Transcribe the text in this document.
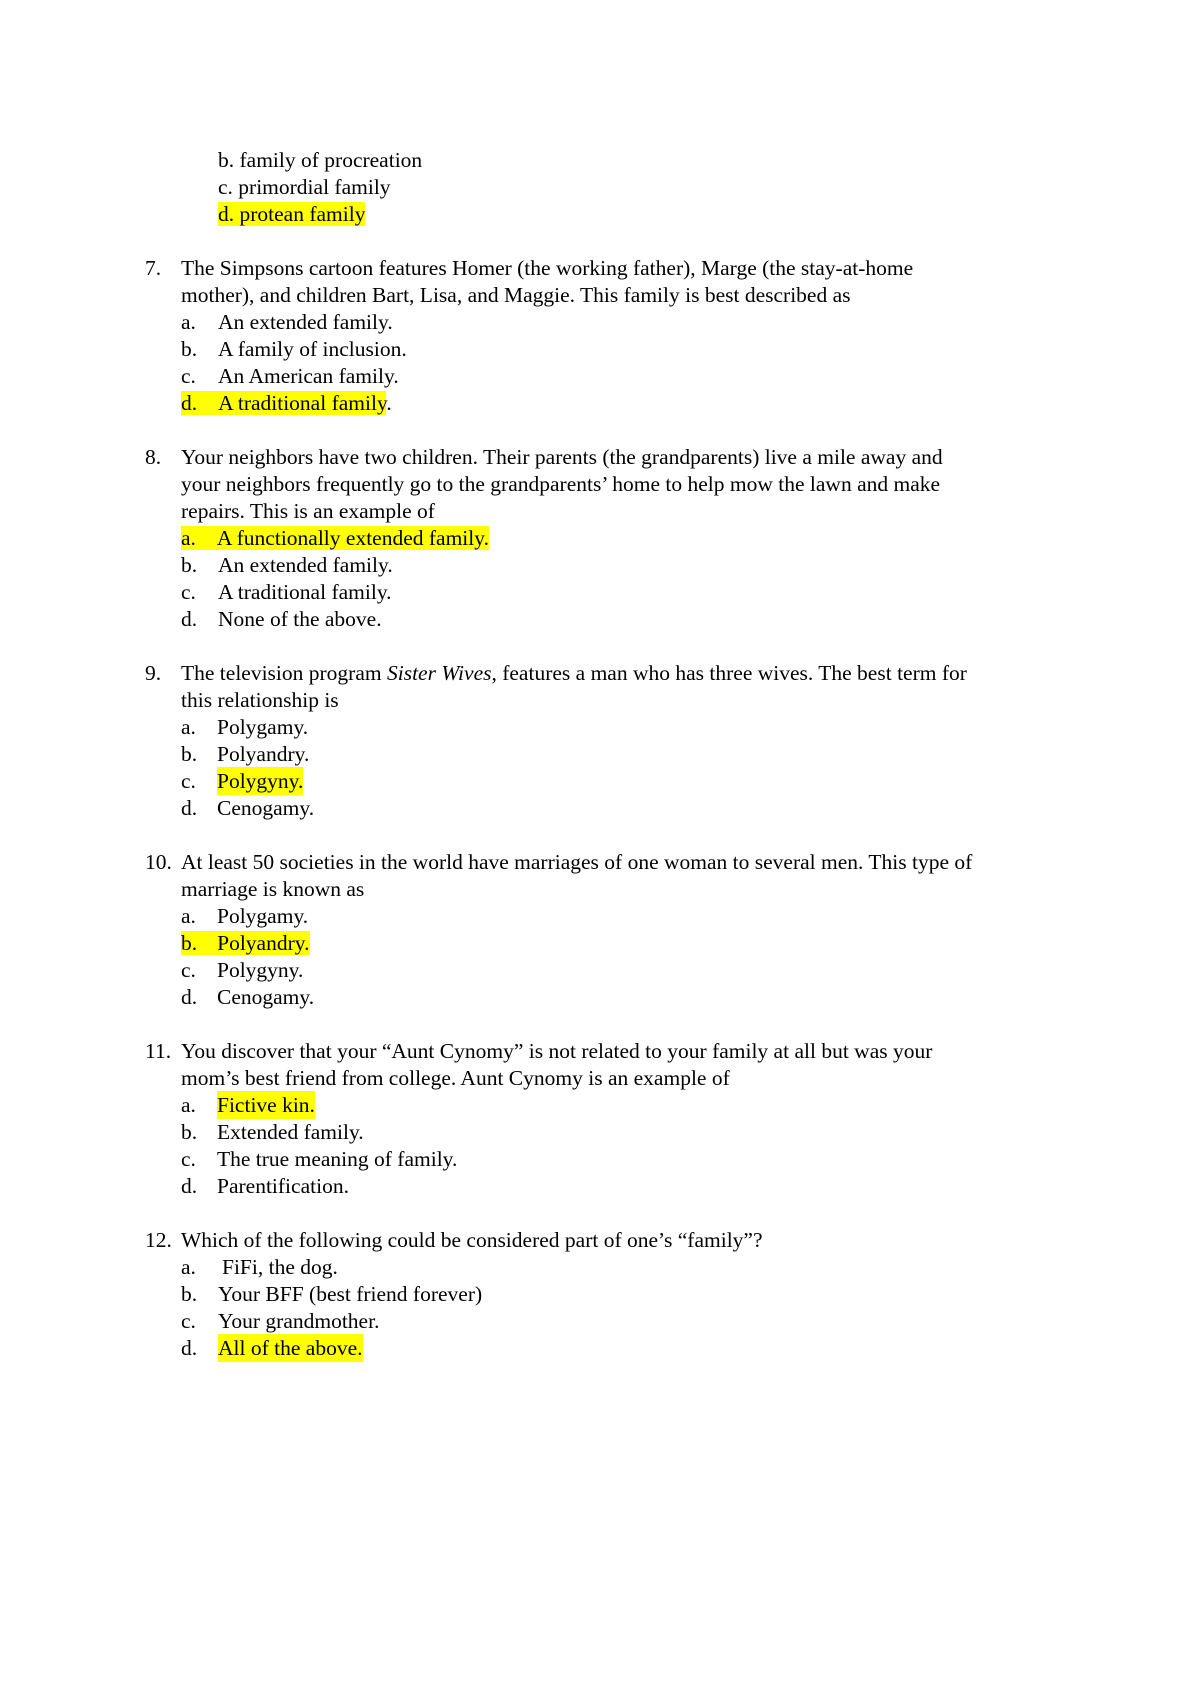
b. family of procreation
c. primordial family
d. protean family
7. The Simpsons cartoon features Homer (the working father), Marge (the stay-at-home
mother), and children Bart, Lisa, and Maggie. This family is best described as
a. An extended family.
b. A family of inclusion.
c. An American family.
d. A traditional family.
8. Your neighbors have two children. Their parents (the grandparents) live a mile away and
your neighbors frequently go to the grandparents’ home to help mow the lawn and make
repairs. This is an example of
a. A functionally extended family.
b. An extended family.
c. A traditional family.
d. None of the above.
9. The television program Sister Wives, features a man who has three wives. The best term for
this relationship is
a. Polygamy.
b. Polyandry.
c. Polygyny.
d. Cenogamy.
10. At least 50 societies in the world have marriages of one woman to several men. This type of
marriage is known as
a. Polygamy.
b. Polyandry.
c. Polygyny.
d. Cenogamy.
11. You discover that your “Aunt Cynomy” is not related to your family at all but was your
mom’s best friend from college. Aunt Cynomy is an example of
a. Fictive kin.
b. Extended family.
c. The true meaning of family.
d. Parentification.
12. Which of the following could be considered part of one’s “family”?
a. FiFi, the dog.
b. Your BFF (best friend forever)
c. Your grandmother.
d. All of the above.
